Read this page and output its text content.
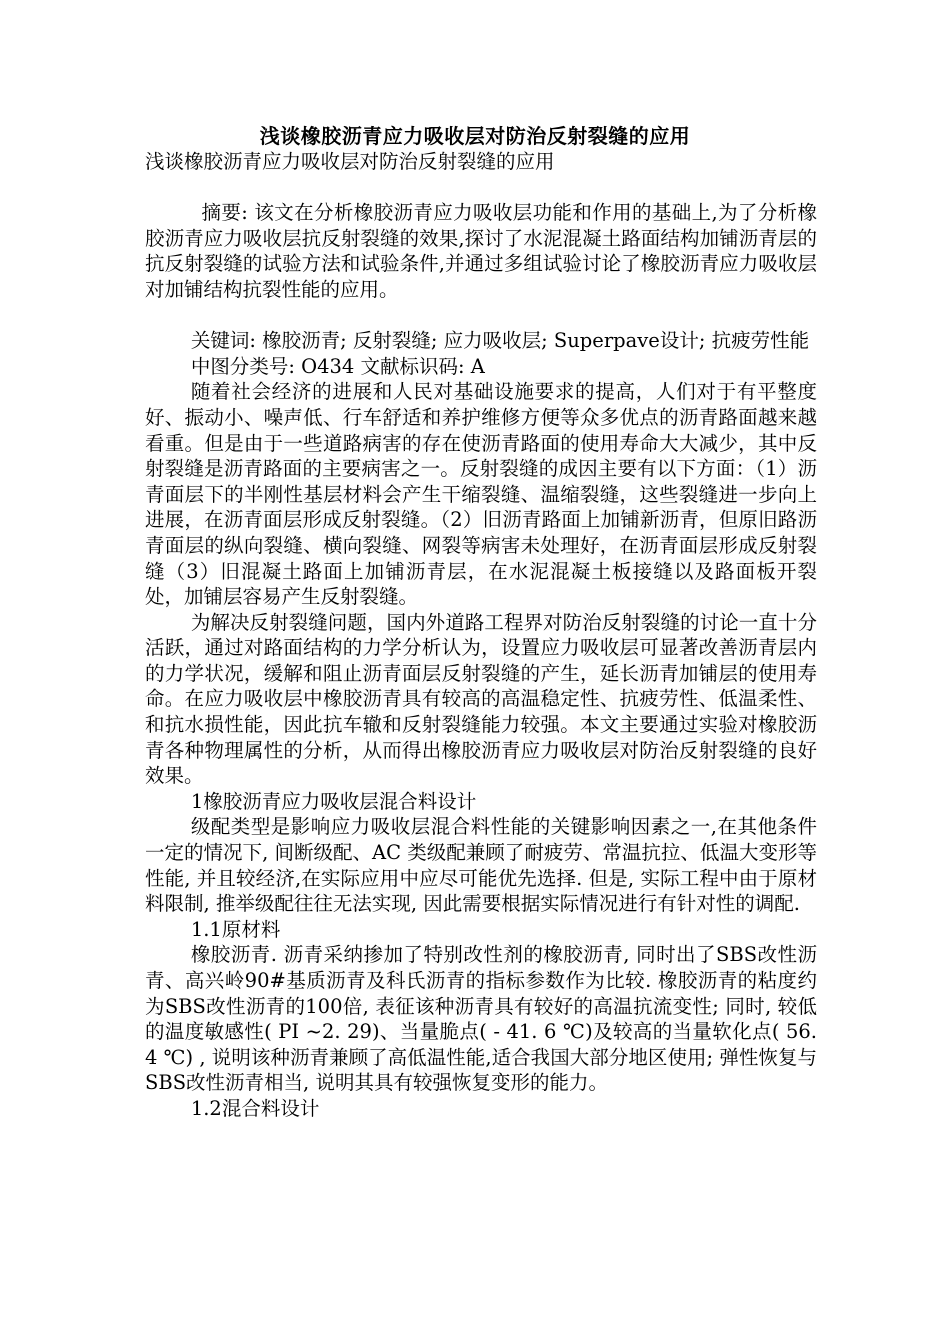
浅谈橡胶沥青应力吸收层对防治反射裂缝的应用

浅谈橡胶沥青应力吸收层对防治反射裂缝的应用

摘要: 该文在分析橡胶沥青应力吸收层功能和作用的基础上,为了分析橡胶沥青应力吸收层抗反射裂缝的效果,探讨了水泥混凝土路面结构加铺沥青层的抗反射裂缝的试验方法和试验条件,并通过多组试验讨论了橡胶沥青应力吸收层对加铺结构抗裂性能的应用。

关键词: 橡胶沥青; 反射裂缝; 应力吸收层; Superpave设计; 抗疲劳性能

中图分类号: O434 文献标识码: A

随着社会经济的进展和人民对基础设施要求的提高，人们对于有平整度好、振动小、噪声低、行车舒适和养护维修方便等众多优点的沥青路面越来越看重。但是由于一些道路病害的存在使沥青路面的使用寿命大大减少，其中反射裂缝是沥青路面的主要病害之一。反射裂缝的成因主要有以下方面：（1）沥青面层下的半刚性基层材料会产生干缩裂缝、温缩裂缝，这些裂缝进一步向上进展，在沥青面层形成反射裂缝。（2）旧沥青路面上加铺新沥青，但原旧路沥青面层的纵向裂缝、横向裂缝、网裂等病害未处理好，在沥青面层形成反射裂缝（3）旧混凝土路面上加铺沥青层，在水泥混凝土板接缝以及路面板开裂处，加铺层容易产生反射裂缝。

为解决反射裂缝问题，国内外道路工程界对防治反射裂缝的讨论一直十分活跃，通过对路面结构的力学分析认为，设置应力吸收层可显著改善沥青层内的力学状况，缓解和阻止沥青面层反射裂缝的产生，延长沥青加铺层的使用寿命。在应力吸收层中橡胶沥青具有较高的高温稳定性、抗疲劳性、低温柔性、和抗水损性能，因此抗车辙和反射裂缝能力较强。本文主要通过实验对橡胶沥青各种物理属性的分析，从而得出橡胶沥青应力吸收层对防治反射裂缝的良好效果。

1橡胶沥青应力吸收层混合料设计

级配类型是影响应力吸收层混合料性能的关键影响因素之一,在其他条件一定的情况下, 间断级配、AC 类级配兼顾了耐疲劳、常温抗拉、低温大变形等性能, 并且较经济,在实际应用中应尽可能优先选择. 但是, 实际工程中由于原材料限制, 推举级配往往无法实现, 因此需要根据实际情况进行有针对性的调配.

1.1原材料

橡胶沥青. 沥青采纳掺加了特别改性剂的橡胶沥青, 同时出了SBS改性沥青、高兴岭90#基质沥青及科氏沥青的指标参数作为比较. 橡胶沥青的粘度约为SBS改性沥青的100倍, 表征该种沥青具有较好的高温抗流变性; 同时, 较低的温度敏感性( PI ~2. 29)、当量脆点( - 41. 6 ℃)及较高的当量软化点( 56. 4 ℃) , 说明该种沥青兼顾了高低温性能,适合我国大部分地区使用; 弹性恢复与SBS改性沥青相当, 说明其具有较强恢复变形的能力。

1.2混合料设计
